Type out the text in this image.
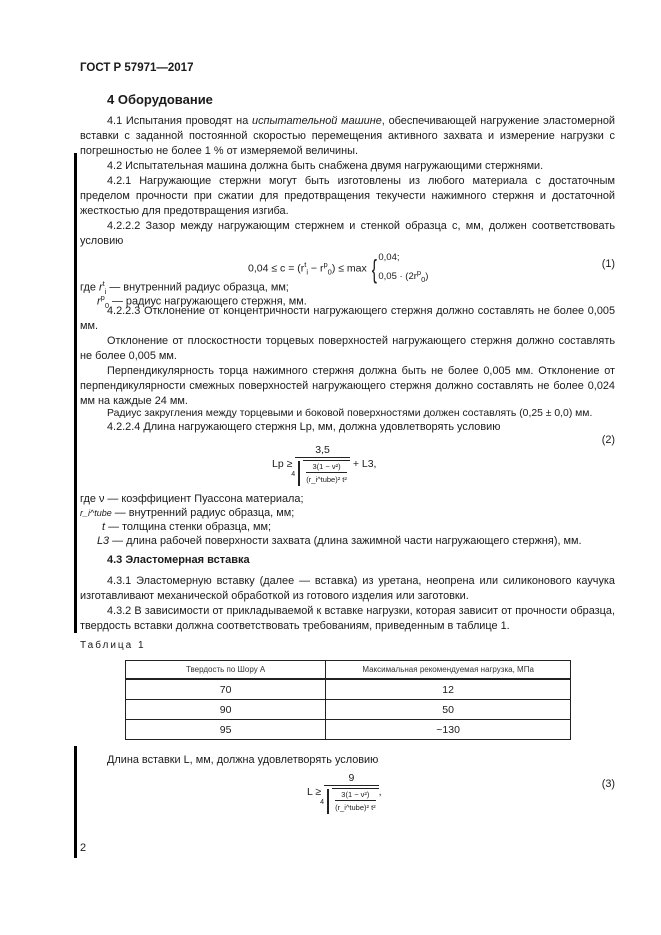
ГОСТ Р 57971—2017
4 Оборудование
4.1 Испытания проводят на испытательной машине, обеспечивающей нагружение эластомерной вставки с заданной постоянной скоростью перемещения активного захвата и измерение нагрузки с погрешностью не более 1 % от измеряемой величины.
4.2 Испытательная машина должна быть снабжена двумя нагружающими стержнями.
4.2.1 Нагружающие стержни могут быть изготовлены из любого материала с достаточным пределом прочности при сжатии для предотвращения текучести нажимного стержня и достаточной жесткостью для предотвращения изгиба.
4.2.2.2 Зазор между нагружающим стержнем и стенкой образца c, мм, должен соответствовать условию
$0,04 \le c = (r^t_i - r^p_0) \le \max$ { 0,04;
$0,05 \cdot (2r^p_0)$
(1)
где $r^t_i$ — внутренний радиус образца, мм;
$r^p_0$ — радиус нагружающего стержня, мм.
4.2.2.3 Отклонение от концентричности нагружающего стержня должно составлять не более 0,005 мм.
Отклонение от плоскостности торцевых поверхностей нагружающего стержня должно составлять не более 0,005 мм.
Перпендикулярность торца нажимного стержня должна быть не более 0,005 мм. Отклонение от перпендикулярности смежных поверхностей нагружающего стержня должно составлять не более 0,024 мм на каждые 24 мм.
Радиус закругления между торцевыми и боковой поверхностями должен составлять (0,25 ± 0,0) мм.
4.2.2.4 Длина нагружающего стержня Lp, мм, должна удовлетворять условию
$Lp \ge \frac{3,5}{4 \frac{\text{3(1 − ν²)}}{\text{(r\_i\textasciicircum{}tube)² t²}}} + L3$,
(2)
где ν — коэффициент Пуассона материала;
r_i^tube — внутренний радиус образца, мм;
t — толщина стенки образца, мм;
L3 — длина рабочей поверхности захвата (длина зажимной части нагружающего стержня), мм.
4.3 Эластомерная вставка
4.3.1 Эластомерную вставку (далее — вставка) из уретана, неопрена или силиконового каучука изготавливают механической обработкой из готового изделия или заготовки.
4.3.2 В зависимости от прикладываемой к вставке нагрузки, которая зависит от прочности образца, твердость вставки должна соответствовать требованиям, приведенным в таблице 1.
Таблица 1
Твердость по Шору A	Максимальная рекомендуемая нагрузка, МПа
70	12
90	50
95	~130
Длина вставки L, мм, должна удовлетворять условию
$L \ge \frac{9}{4 \frac{\text{3(1 − ν²)}}{\text{(r\_i\textasciicircum{}tube)² t²}}}$ ,
(3)
2
